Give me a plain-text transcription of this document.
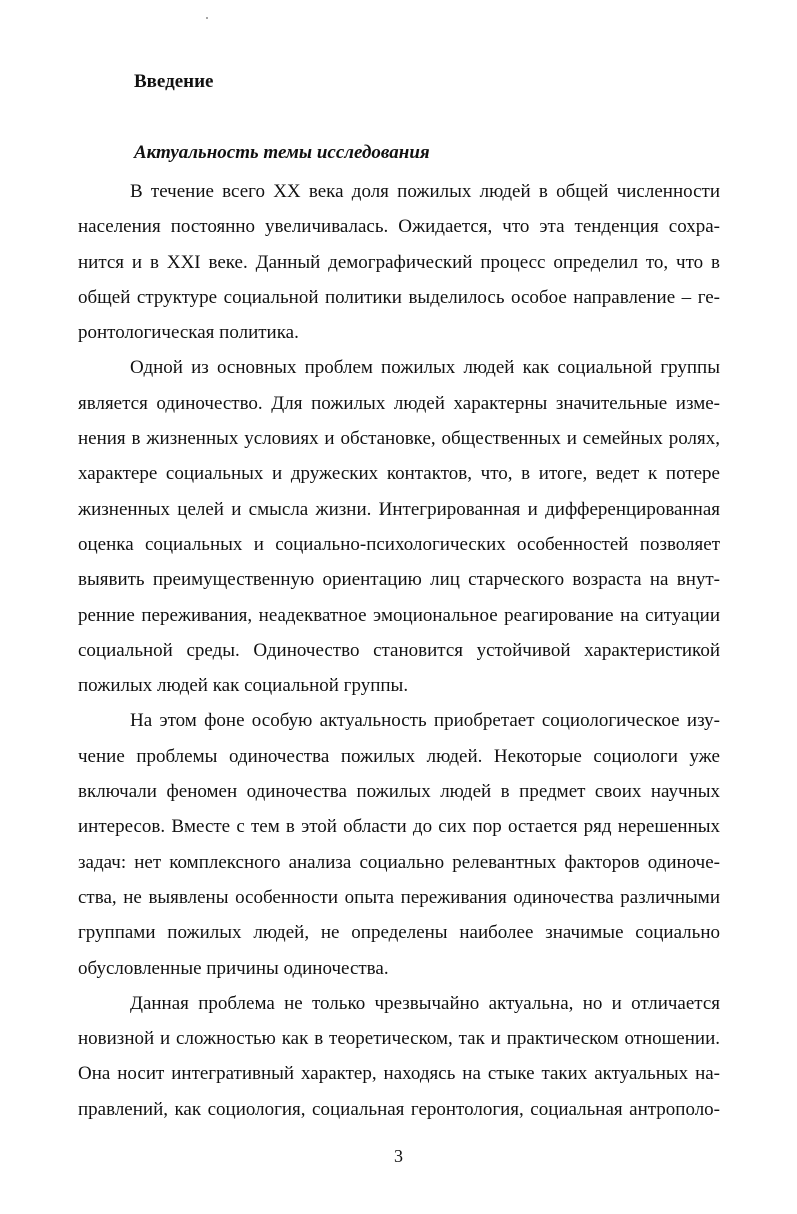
Введение
Актуальность темы исследования
В течение всего XX века доля пожилых людей в общей численности
населения постоянно увеличивалась. Ожидается, что эта тенденция сохра-
нится и в XXI веке. Данный демографический процесс определил то, что в
общей структуре социальной политики выделилось особое направление – ге-
ронтологическая политика.
Одной из основных проблем пожилых людей как социальной группы
является одиночество. Для пожилых людей характерны значительные изме-
нения в жизненных условиях и обстановке, общественных и семейных ролях,
характере социальных и дружеских контактов, что, в итоге, ведет к потере
жизненных целей и смысла жизни. Интегрированная и дифференцированная
оценка социальных и социально-психологических особенностей позволяет
выявить преимущественную ориентацию лиц старческого возраста на внут-
ренние переживания, неадекватное эмоциональное реагирование на ситуации
социальной среды. Одиночество становится устойчивой характеристикой
пожилых людей как социальной группы.
На этом фоне особую актуальность приобретает социологическое изу-
чение проблемы одиночества пожилых людей. Некоторые социологи уже
включали феномен одиночества пожилых людей в предмет своих научных
интересов. Вместе с тем в этой области до сих пор остается ряд нерешенных
задач: нет комплексного анализа социально релевантных факторов одиноче-
ства, не выявлены особенности опыта переживания одиночества различными
группами пожилых людей, не определены наиболее значимые социально
обусловленные причины одиночества.
Данная проблема не только чрезвычайно актуальна, но и отличается
новизной и сложностью как в теоретическом, так и практическом отношении.
Она носит интегративный характер, находясь на стыке таких актуальных на-
правлений, как социология, социальная геронтология, социальная антрополо-
3
